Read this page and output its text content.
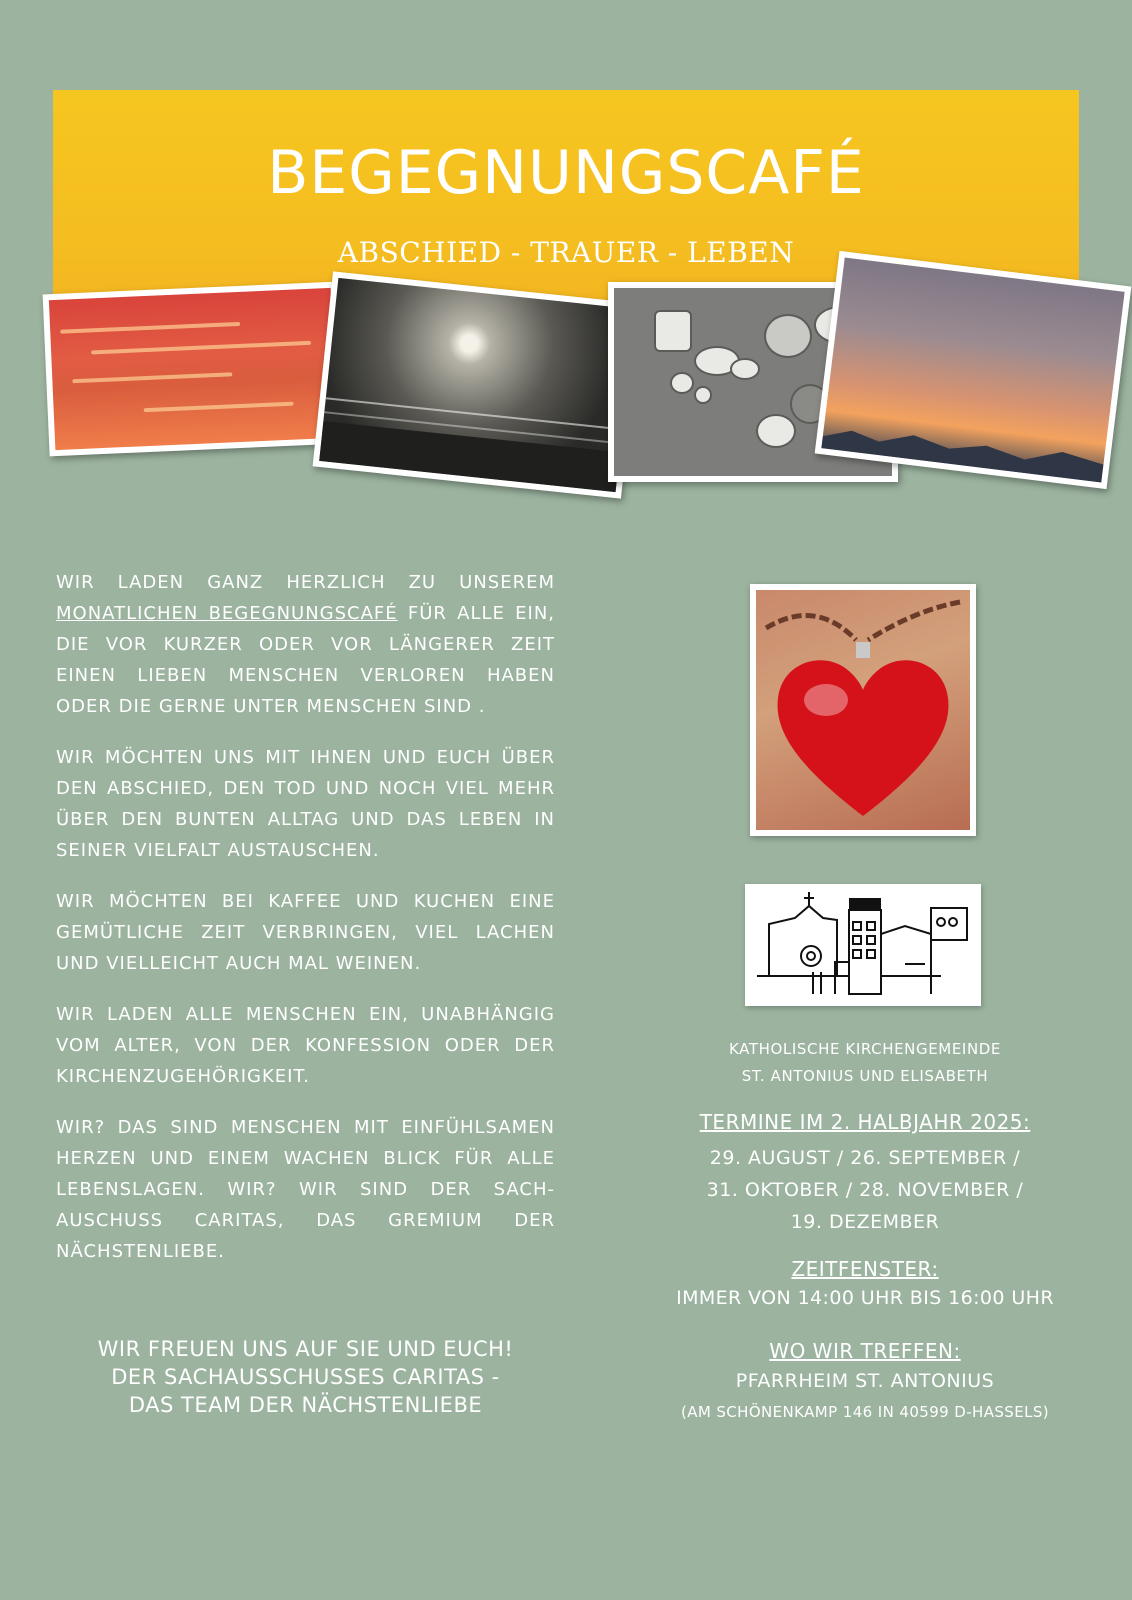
BEGEGNUNGSCAFÉ
ABSCHIED - TRAUER - LEBEN

WIR LADEN GANZ HERZLICH ZU UNSEREM MONATLICHEN BEGEGNUNGSCAFÉ FÜR ALLE EIN, DIE VOR KURZER ODER VOR LÄNGERER ZEIT EINEN LIEBEN MENSCHEN VERLOREN HABEN ODER DIE GERNE UNTER MENSCHEN SIND .

WIR MÖCHTEN UNS MIT IHNEN UND EUCH ÜBER DEN ABSCHIED, DEN TOD UND NOCH VIEL MEHR ÜBER DEN BUNTEN ALLTAG UND DAS LEBEN IN SEINER VIELFALT AUSTAUSCHEN.

WIR MÖCHTEN BEI KAFFEE UND KUCHEN EINE GEMÜTLICHE ZEIT VERBRINGEN, VIEL LACHEN UND VIELLEICHT AUCH MAL WEINEN.

WIR LADEN ALLE MENSCHEN EIN, UNABHÄNGIG VOM ALTER, VON DER KONFESSION ODER DER KIRCHENZUGEHÖRIGKEIT.

WIR? DAS SIND MENSCHEN MIT EINFÜHLSAMEN HERZEN UND EINEM WACHEN BLICK FÜR ALLE LEBENSLAGEN. WIR? WIR SIND DER SACH-AUSCHUSS CARITAS, DAS GREMIUM DER NÄCHSTENLIEBE.

WIR FREUEN UNS AUF SIE UND EUCH!
DER SACHAUSSCHUSSES CARITAS -
DAS TEAM DER NÄCHSTENLIEBE
KATHOLISCHE KIRCHENGEMEINDE
ST. ANTONIUS UND ELISABETH
TERMINE IM 2. HALBJAHR 2025:
29. AUGUST / 26. SEPTEMBER /
31. OKTOBER / 28. NOVEMBER /
19. DEZEMBER
ZEITFENSTER:
IMMER VON 14:00 UHR BIS 16:00 UHR
WO WIR TREFFEN:
PFARRHEIM ST. ANTONIUS
(AM SCHÖNENKAMP 146 IN 40599 D-HASSELS)
